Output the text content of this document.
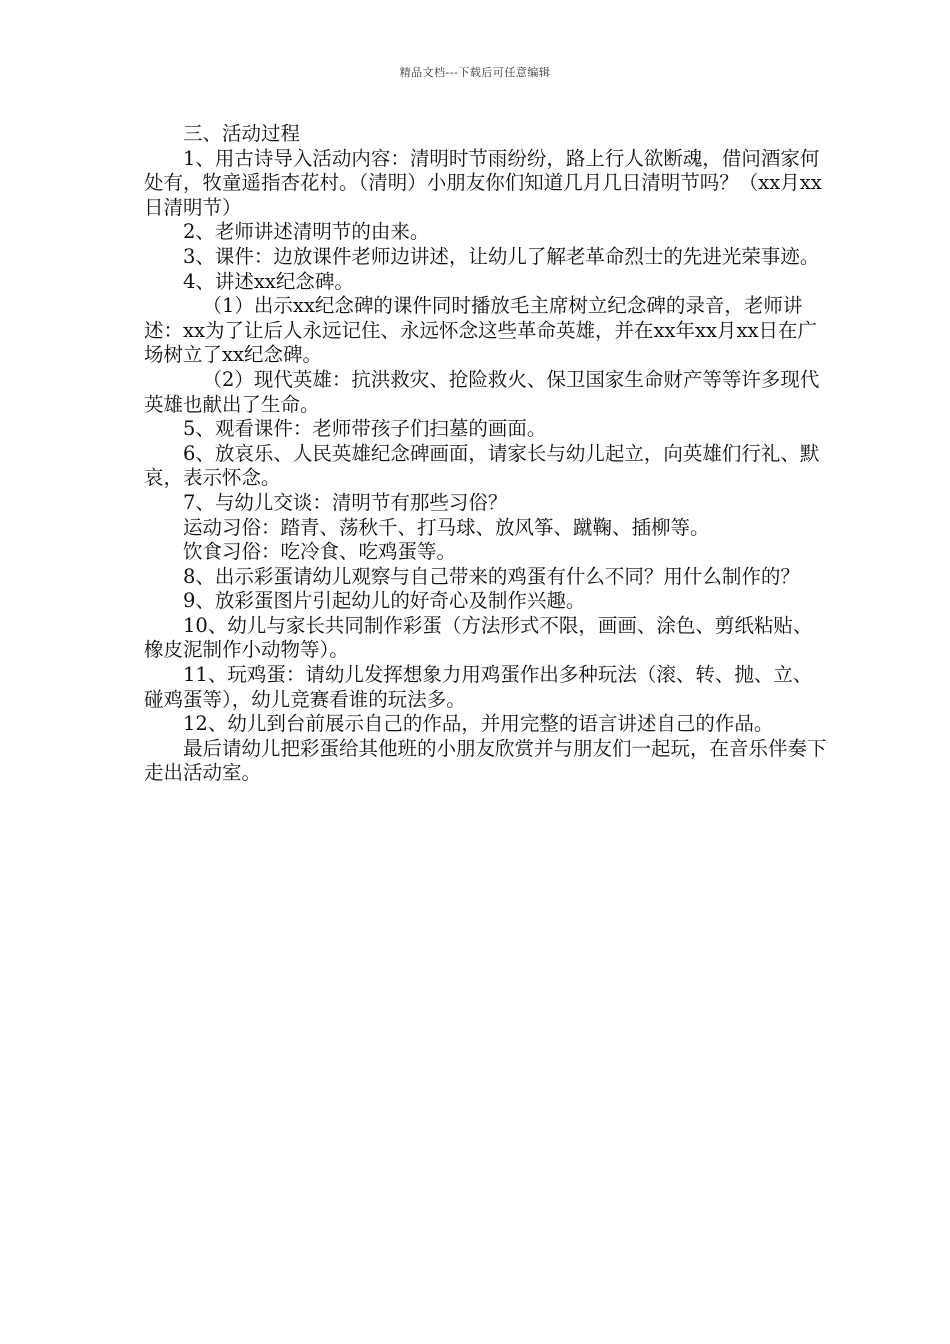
精品文档---下载后可任意编辑

三、活动过程

1、用古诗导入活动内容：清明时节雨纷纷，路上行人欲断魂，借问酒家何处有，牧童遥指杏花村。（清明）小朋友你们知道几月几日清明节吗？（xx月xx日清明节）

2、老师讲述清明节的由来。

3、课件：边放课件老师边讲述，让幼儿了解老革命烈士的先进光荣事迹。

4、讲述xx纪念碑。

（1）出示xx纪念碑的课件同时播放毛主席树立纪念碑的录音，老师讲述：xx为了让后人永远记住、永远怀念这些革命英雄，并在xx年xx月xx日在广场树立了xx纪念碑。

（2）现代英雄：抗洪救灾、抢险救火、保卫国家生命财产等等许多现代英雄也献出了生命。

5、观看课件：老师带孩子们扫墓的画面。

6、放哀乐、人民英雄纪念碑画面，请家长与幼儿起立，向英雄们行礼、默哀，表示怀念。

7、与幼儿交谈：清明节有那些习俗？

运动习俗：踏青、荡秋千、打马球、放风筝、蹴鞠、插柳等。

饮食习俗：吃冷食、吃鸡蛋等。

8、出示彩蛋请幼儿观察与自己带来的鸡蛋有什么不同？用什么制作的？

9、放彩蛋图片引起幼儿的好奇心及制作兴趣。

10、幼儿与家长共同制作彩蛋（方法形式不限，画画、涂色、剪纸粘贴、橡皮泥制作小动物等）。

11、玩鸡蛋：请幼儿发挥想象力用鸡蛋作出多种玩法（滚、转、抛、立、碰鸡蛋等），幼儿竞赛看谁的玩法多。

12、幼儿到台前展示自己的作品，并用完整的语言讲述自己的作品。

最后请幼儿把彩蛋给其他班的小朋友欣赏并与朋友们一起玩，在音乐伴奏下走出活动室。
